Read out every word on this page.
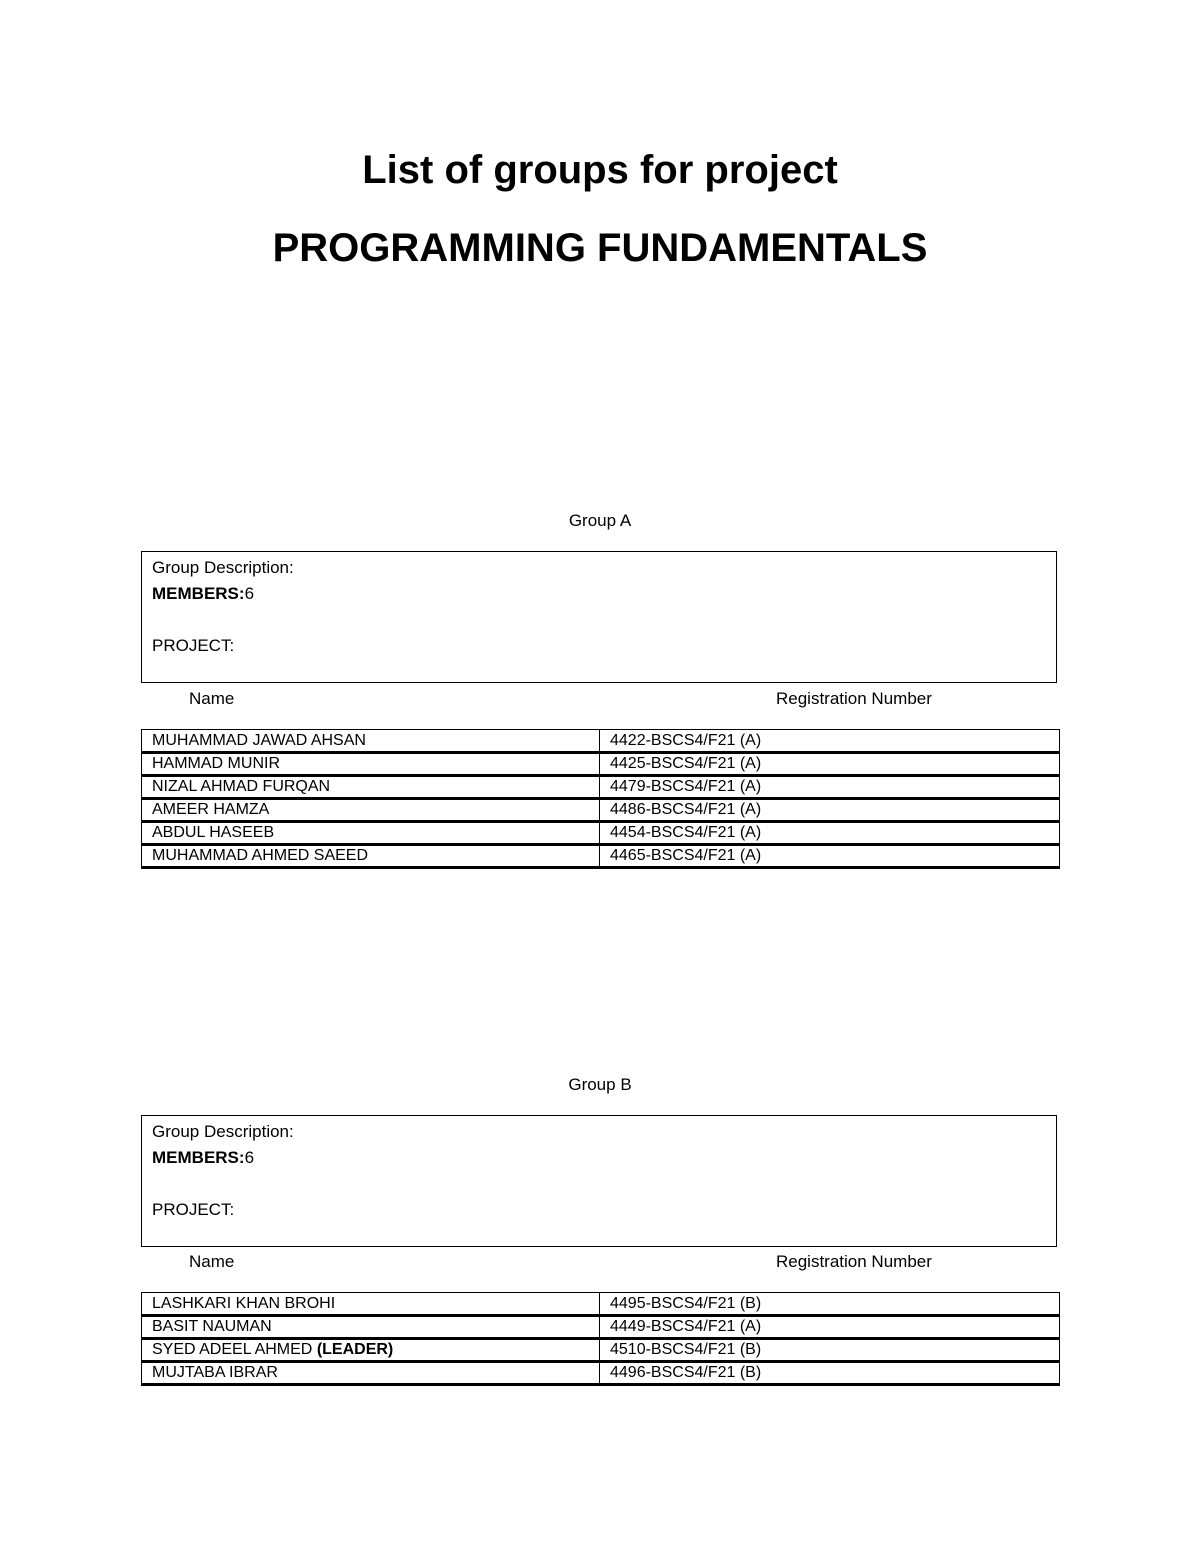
List of groups for project
PROGRAMMING FUNDAMENTALS

Group A

Group Description:
MEMBERS:6
PROJECT:

Name	Registration Number

MUHAMMAD JAWAD AHSAN	4422-BSCS4/F21 (A)
HAMMAD MUNIR	4425-BSCS4/F21 (A)
NIZAL AHMAD FURQAN	4479-BSCS4/F21 (A)
AMEER HAMZA	4486-BSCS4/F21 (A)
ABDUL HASEEB	4454-BSCS4/F21 (A)
MUHAMMAD AHMED SAEED	4465-BSCS4/F21 (A)

Group B

Group Description:
MEMBERS:6
PROJECT:

Name	Registration Number

LASHKARI KHAN BROHI	4495-BSCS4/F21 (B)
BASIT NAUMAN	4449-BSCS4/F21 (A)
SYED ADEEL AHMED (LEADER)	4510-BSCS4/F21 (B)
MUJTABA IBRAR	4496-BSCS4/F21 (B)
